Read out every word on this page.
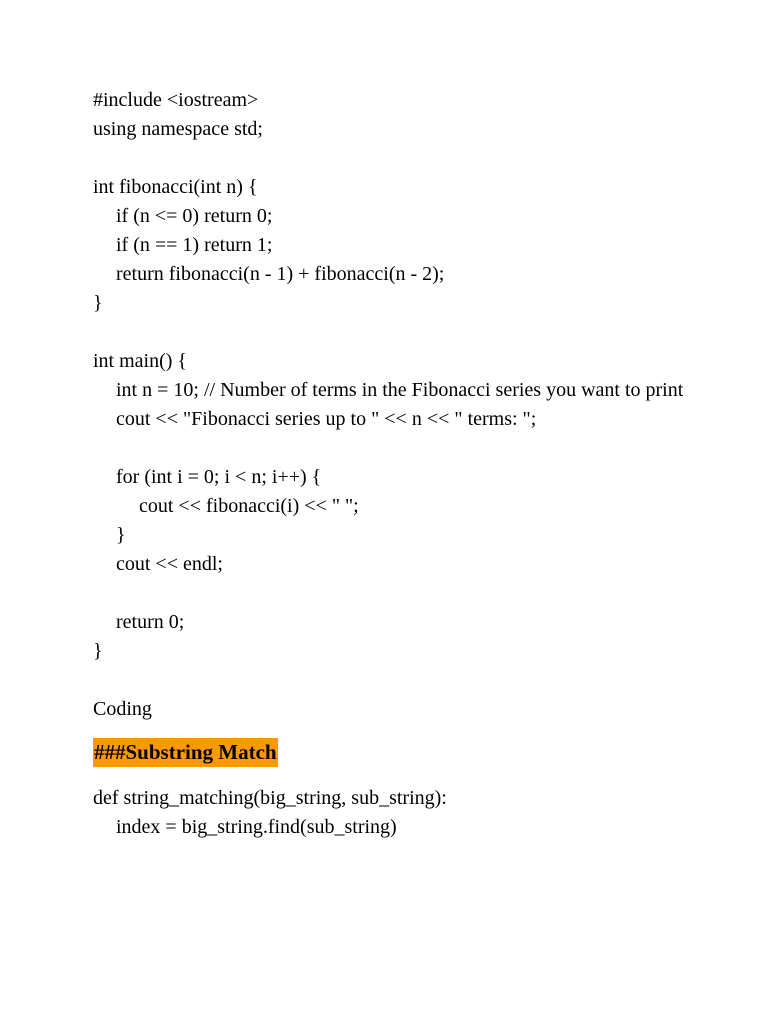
#include <iostream>
using namespace std;
int fibonacci(int n) {
if (n <= 0) return 0;
if (n == 1) return 1;
return fibonacci(n - 1) + fibonacci(n - 2);
}
int main() {
int n = 10; // Number of terms in the Fibonacci series you want to print
cout << "Fibonacci series up to " << n << " terms: ";
for (int i = 0; i < n; i++) {
cout << fibonacci(i) << " ";
}
cout << endl;
return 0;
}
Coding
###Substring Match
def string_matching(big_string, sub_string):
index = big_string.find(sub_string)
